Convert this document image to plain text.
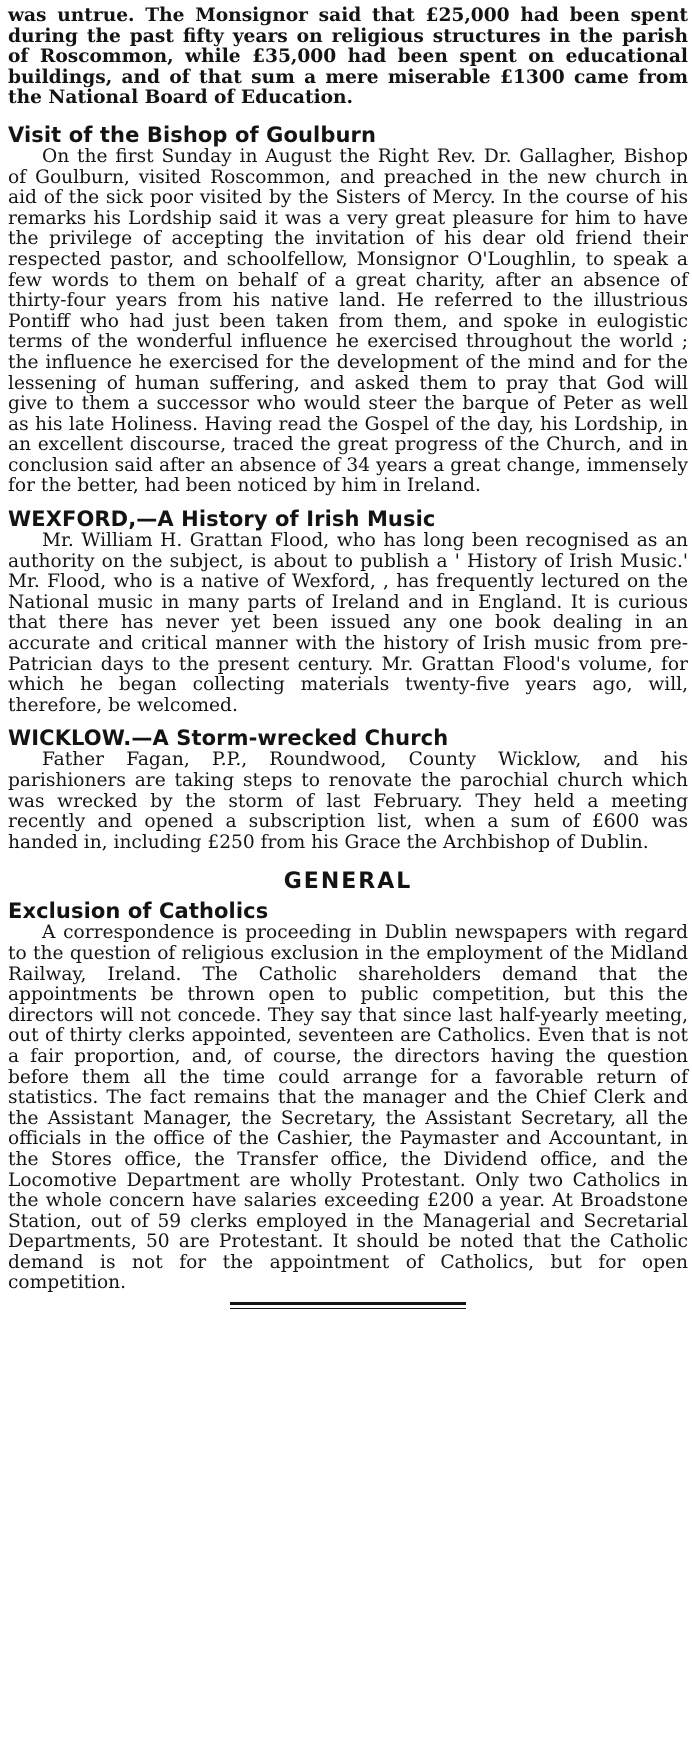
was untrue. The Monsignor said that £25,000 had been spent during the past fifty years on religious structures in the parish of Roscommon, while £35,000 had been spent on educational buildings, and of that sum a mere miserable £1300 came from the National Board of Education.

Visit of the Bishop of Goulburn

On the first Sunday in August the Right Rev. Dr. Gallagher, Bishop of Goulburn, visited Roscommon, and preached in the new church in aid of the sick poor visited by the Sisters of Mercy. In the course of his remarks his Lordship said it was a very great pleasure for him to have the privilege of accepting the invitation of his dear old friend their respected pastor, and schoolfellow, Monsignor O'Loughlin, to speak a few words to them on behalf of a great charity, after an absence of thirty-four years from his native land. He referred to the illustrious Pontiff who had just been taken from them, and spoke in eulogistic terms of the wonderful influence he exercised throughout the world ; the influence he exercised for the development of the mind and for the lessening of human suffering, and asked them to pray that God will give to them a successor who would steer the barque of Peter as well as his late Holiness. Having read the Gospel of the day, his Lordship, in an excellent discourse, traced the great progress of the Church, and in conclusion said after an absence of 34 years a great change, immensely for the better, had been noticed by him in Ireland.

WEXFORD,—A History of Irish Music

Mr. William H. Grattan Flood, who has long been recognised as an authority on the subject, is about to publish a ' History of Irish Music.' Mr. Flood, who is a native of Wexford, , has frequently lectured on the National music in many parts of Ireland and in England. It is curious that there has never yet been issued any one book dealing in an accurate and critical manner with the history of Irish music from pre-Patrician days to the present century. Mr. Grattan Flood's volume, for which he began collecting materials twenty-five years ago, will, therefore, be welcomed.

WICKLOW.—A Storm-wrecked Church

Father Fagan, P.P., Roundwood, County Wicklow, and his parishioners are taking steps to renovate the parochial church which was wrecked by the storm of last February. They held a meeting recently and opened a subscription list, when a sum of £600 was handed in, including £250 from his Grace the Archbishop of Dublin.

GENERAL
Exclusion of Catholics

A correspondence is proceeding in Dublin newspapers with regard to the question of religious exclusion in the employment of the Midland Railway, Ireland. The Catholic shareholders demand that the appointments be thrown open to public competition, but this the directors will not concede. They say that since last half-yearly meeting, out of thirty clerks appointed, seventeen are Catholics. Even that is not a fair proportion, and, of course, the directors having the question before them all the time could arrange for a favorable return of statistics. The fact remains that the manager and the Chief Clerk and the Assistant Manager, the Secretary, the Assistant Secretary, all the officials in the office of the Cashier, the Paymaster and Accountant, in the Stores office, the Transfer office, the Dividend office, and the Locomotive Department are wholly Protestant. Only two Catholics in the whole concern have salaries exceeding £200 a year. At Broadstone Station, out of 59 clerks employed in the Managerial and Secretarial Departments, 50 are Protestant. It should be noted that the Catholic demand is not for the appointment of Catholics, but for open competition.
